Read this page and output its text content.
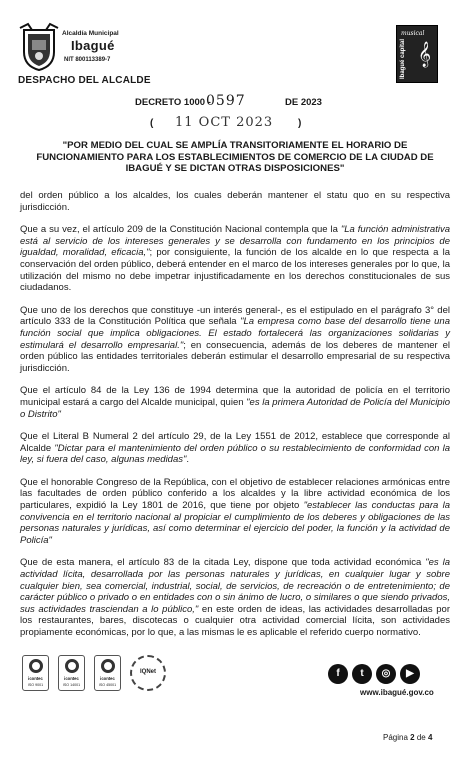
Alcaldía Municipal
Ibagué
NIT 800113389-7
DESPACHO DEL ALCALDE
musical
Ibagué capital 𝄞
DECRETO 1000 -
0597	DE 2023
( 11 OCT 2023 )
"POR MEDIO DEL CUAL SE AMPLÍA TRANSITORIAMENTE EL HORARIO DE FUNCIONAMIENTO PARA LOS ESTABLECIMIENTOS DE COMERCIO DE LA CIUDAD DE IBAGUÉ Y SE DICTAN OTRAS DISPOSICIONES"

del orden público a los alcaldes, los cuales deberán mantener el statu quo en su respectiva jurisdicción.

Que a su vez, el artículo 209 de la Constitución Nacional contempla que la "La función administrativa está al servicio de los intereses generales y se desarrolla con fundamento en los principios de igualdad, moralidad, eficacia,"; por consiguiente, la función de los alcalde en lo que respecta a la conservación del orden público, deberá entender en el marco de los intereses generales por lo que, la utilización del mismo no debe impetrar injustificadamente en los derechos constitucionales de sus ciudadanos.

Que uno de los derechos que constituye -un interés general-, es el estipulado en el parágrafo 3° del artículo 333 de la Constitución Política que señala "La empresa como base del desarrollo tiene una función social que implica obligaciones. El estado fortalecerá las organizaciones solidarias y estimulará el desarrollo empresarial."; en consecuencia, además de los deberes de mantener el orden público las entidades territoriales deberán estimular el desarrollo empresarial de su respectiva jurisdicción.

Que el artículo 84 de la Ley 136 de 1994 determina que la autoridad de policía en el territorio municipal estará a cargo del Alcalde municipal, quien "es la primera Autoridad de Policía del Municipio o Distrito"

Que el Literal B Numeral 2 del artículo 29, de la Ley 1551 de 2012, establece que corresponde al Alcalde "Dictar para el mantenimiento del orden público o su restablecimiento de conformidad con la ley, si fuera del caso, algunas medidas".

Que el honorable Congreso de la República, con el objetivo de establecer relaciones armónicas entre las facultades de orden público conferido a los alcaldes y la libre actividad económica de los particulares, expidió la Ley 1801 de 2016, que tiene por objeto "establecer las conductas para la convivencia en el territorio nacional al propiciar el cumplimiento de los deberes y obligaciones de las personas naturales y jurídicas, así como determinar el ejercicio del poder, la función y la actividad de Policía"

Que de esta manera, el artículo 83 de la citada Ley, dispone que toda actividad económica "es la actividad lícita, desarrollada por las personas naturales y jurídicas, en cualquier lugar y sobre cualquier bien, sea comercial, industrial, social, de servicios, de recreación o de entretenimiento; de carácter público o privado o en entidades con o sin ánimo de lucro, o similares o que siendo privados, sus actividades trasciendan a lo público," en este orden de ideas, las actividades desarrolladas por los restaurantes, bares, discotecas o cualquier otra actividad comercial lícita, son actividades propiamente económicas, por lo que, a las mismas le es aplicable el referido cuerpo normativo.

icontec
ISO 9001
icontec
ISO 14001
icontec
ISO 45001
IQNet	f	t	◎	▶
www.ibagué.gov.co
Página 2 de 4
